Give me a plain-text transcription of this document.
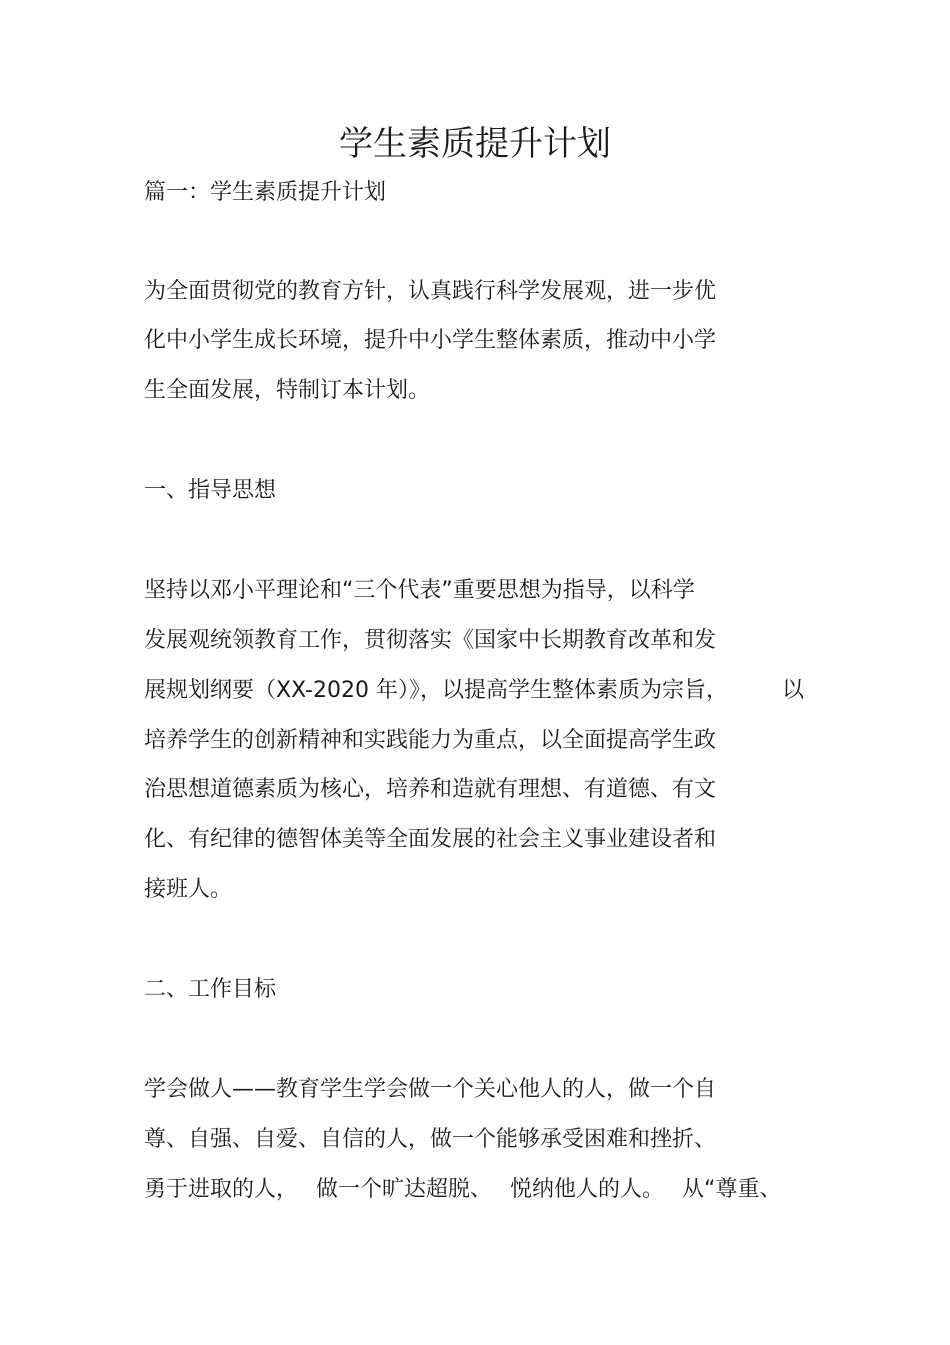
学生素质提升计划
篇一：学生素质提升计划
为全面贯彻党的教育方针，认真践行科学发展观，进一步优
化中小学生成长环境，提升中小学生整体素质，推动中小学
生全面发展，特制订本计划。
一、指导思想
坚持以邓小平理论和“三个代表”重要思想为指导，以科学
发展观统领教育工作，贯彻落实《国家中长期教育改革和发
展规划纲要（XX-2020 年）》，以提高学生整体素质为宗旨， 以
培养学生的创新精神和实践能力为重点，以全面提高学生政
治思想道德素质为核心，培养和造就有理想、有道德、有文
化、有纪律的德智体美等全面发展的社会主义事业建设者和
接班人。
二、工作目标
学会做人——教育学生学会做一个关心他人的人，做一个自
尊、自强、自爱、自信的人，做一个能够承受困难和挫折、
勇于进取的人， 做一个旷达超脱、 悦纳他人的人。 从“尊重、
